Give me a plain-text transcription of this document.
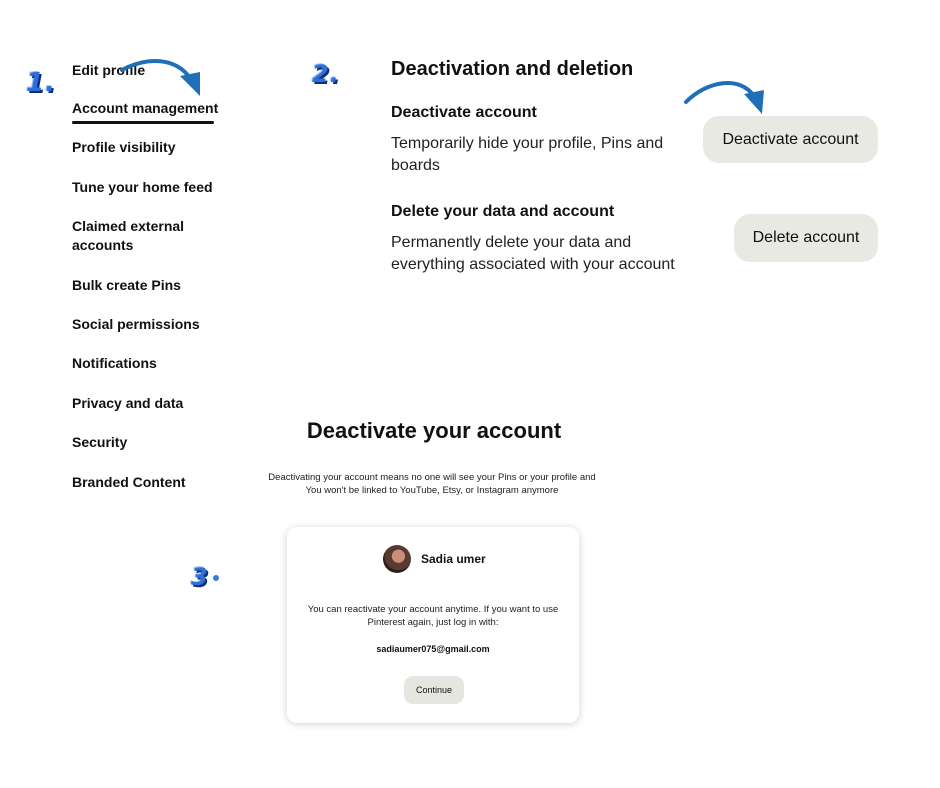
1.	2.
3
Edit profile
Account management
Profile visibility
Tune your home feed
Claimed external accounts
Bulk create Pins
Social permissions
Notifications
Privacy and data
Security
Branded Content
Deactivation and deletion
Deactivate account
Temporarily hide your profile, Pins and boards
Deactivate account
Delete your data and account
Permanently delete your data and everything associated with your account
Delete account
Deactivate your account
Deactivating your account means no one will see your Pins or your profile and You won't be linked to YouTube, Etsy, or Instagram anymore
Sadia umer
You can reactivate your account anytime. If you want to use Pinterest again, just log in with:
sadiaumer075@gmail.com
Continue
